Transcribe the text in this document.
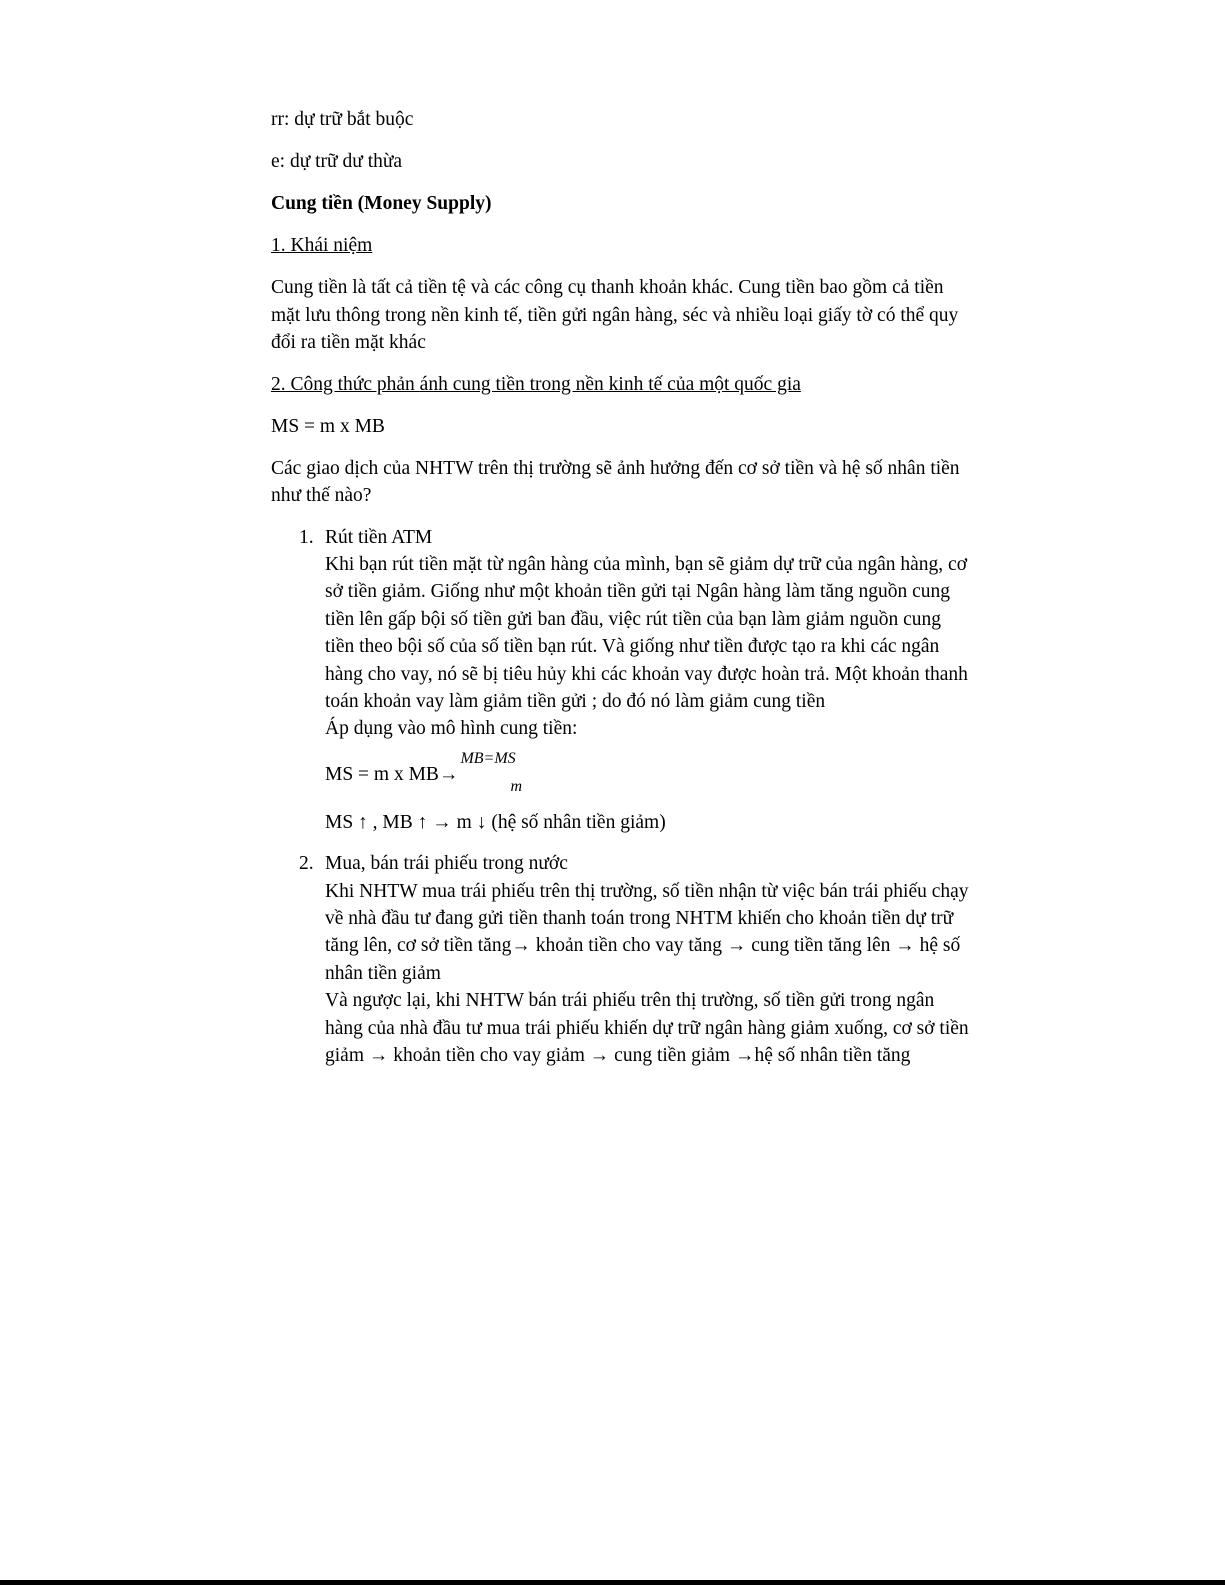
rr: dự trữ bắt buộc

e: dự trữ dư thừa

Cung tiền (Money Supply)

1. Khái niệm

Cung tiền là tất cả tiền tệ và các công cụ thanh khoản khác. Cung tiền bao gồm cả tiền mặt lưu thông trong nền kinh tế, tiền gửi ngân hàng, séc và nhiều loại giấy tờ có thể quy đổi ra tiền mặt khác

2. Công thức phản ánh cung tiền trong nền kinh tế của một quốc gia

MS = m x MB

Các giao dịch của NHTW trên thị trường sẽ ảnh hưởng đến cơ sở tiền và hệ số nhân tiền như thế nào?

1. Rút tiền ATM
Khi bạn rút tiền mặt từ ngân hàng của mình, bạn sẽ giảm dự trữ của ngân hàng, cơ sở tiền giảm. Giống như một khoản tiền gửi tại Ngân hàng làm tăng nguồn cung tiền lên gấp bội số tiền gửi ban đầu, việc rút tiền của bạn làm giảm nguồn cung tiền theo bội số của số tiền bạn rút. Và giống như tiền được tạo ra khi các ngân hàng cho vay, nó sẽ bị tiêu hủy khi các khoản vay được hoàn trả. Một khoản thanh toán khoản vay làm giảm tiền gửi ; do đó nó làm giảm cung tiền
Áp dụng vào mô hình cung tiền:
MS = m x MB→
MB=MS
m
MS ↑ , MB ↑ → m ↓ (hệ số nhân tiền giảm)
2. Mua, bán trái phiếu trong nước
Khi NHTW mua trái phiếu trên thị trường, số tiền nhận từ việc bán trái phiếu chạy về nhà đầu tư đang gửi tiền thanh toán trong NHTM khiến cho khoản tiền dự trữ tăng lên, cơ sở tiền tăng→ khoản tiền cho vay tăng → cung tiền tăng lên → hệ số nhân tiền giảm
Và ngược lại, khi NHTW bán trái phiếu trên thị trường, số tiền gửi trong ngân hàng của nhà đầu tư mua trái phiếu khiến dự trữ ngân hàng giảm xuống, cơ sở tiền giảm → khoản tiền cho vay giảm → cung tiền giảm →hệ số nhân tiền tăng
